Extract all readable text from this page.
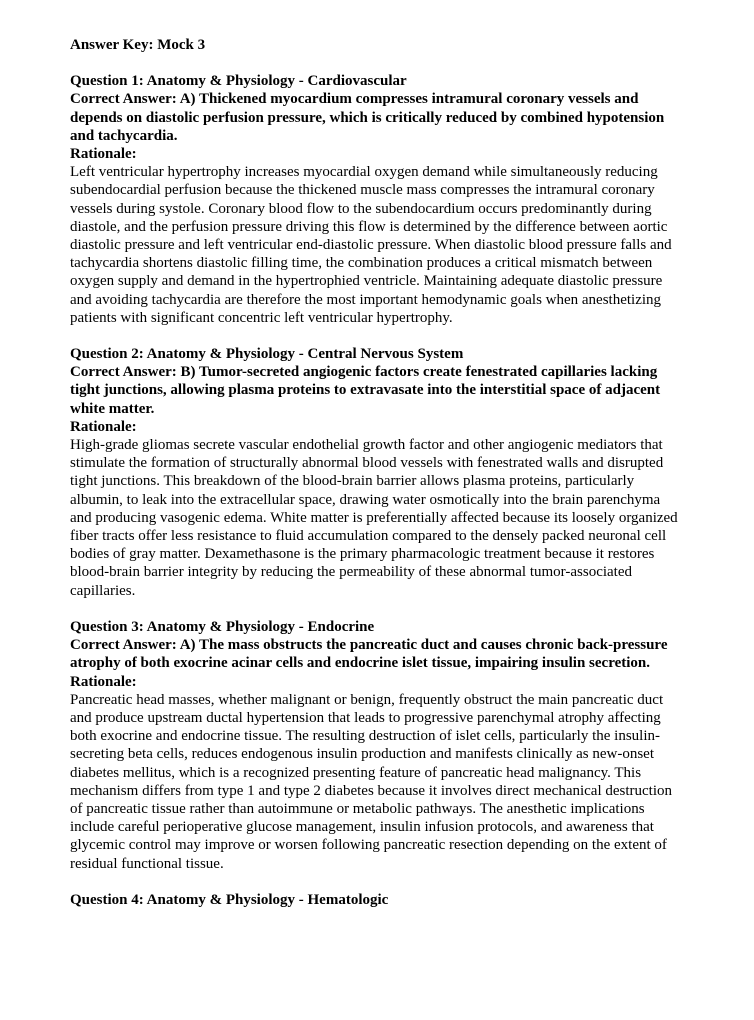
Answer Key: Mock 3

Question 1: Anatomy & Physiology - Cardiovascular

Correct Answer: A) Thickened myocardium compresses intramural coronary vessels and depends on diastolic perfusion pressure, which is critically reduced by combined hypotension and tachycardia.

Rationale:

Left ventricular hypertrophy increases myocardial oxygen demand while simultaneously reducing subendocardial perfusion because the thickened muscle mass compresses the intramural coronary vessels during systole. Coronary blood flow to the subendocardium occurs predominantly during diastole, and the perfusion pressure driving this flow is determined by the difference between aortic diastolic pressure and left ventricular end-diastolic pressure. When diastolic blood pressure falls and tachycardia shortens diastolic filling time, the combination produces a critical mismatch between oxygen supply and demand in the hypertrophied ventricle. Maintaining adequate diastolic pressure and avoiding tachycardia are therefore the most important hemodynamic goals when anesthetizing patients with significant concentric left ventricular hypertrophy.

Question 2: Anatomy & Physiology - Central Nervous System

Correct Answer: B) Tumor-secreted angiogenic factors create fenestrated capillaries lacking tight junctions, allowing plasma proteins to extravasate into the interstitial space of adjacent white matter.

Rationale:

High-grade gliomas secrete vascular endothelial growth factor and other angiogenic mediators that stimulate the formation of structurally abnormal blood vessels with fenestrated walls and disrupted tight junctions. This breakdown of the blood-brain barrier allows plasma proteins, particularly albumin, to leak into the extracellular space, drawing water osmotically into the brain parenchyma and producing vasogenic edema. White matter is preferentially affected because its loosely organized fiber tracts offer less resistance to fluid accumulation compared to the densely packed neuronal cell bodies of gray matter. Dexamethasone is the primary pharmacologic treatment because it restores blood-brain barrier integrity by reducing the permeability of these abnormal tumor-associated capillaries.

Question 3: Anatomy & Physiology - Endocrine

Correct Answer: A) The mass obstructs the pancreatic duct and causes chronic back-pressure atrophy of both exocrine acinar cells and endocrine islet tissue, impairing insulin secretion.

Rationale:

Pancreatic head masses, whether malignant or benign, frequently obstruct the main pancreatic duct and produce upstream ductal hypertension that leads to progressive parenchymal atrophy affecting both exocrine and endocrine tissue. The resulting destruction of islet cells, particularly the insulin-secreting beta cells, reduces endogenous insulin production and manifests clinically as new-onset diabetes mellitus, which is a recognized presenting feature of pancreatic head malignancy. This mechanism differs from type 1 and type 2 diabetes because it involves direct mechanical destruction of pancreatic tissue rather than autoimmune or metabolic pathways. The anesthetic implications include careful perioperative glucose management, insulin infusion protocols, and awareness that glycemic control may improve or worsen following pancreatic resection depending on the extent of residual functional tissue.

Question 4: Anatomy & Physiology - Hematologic
